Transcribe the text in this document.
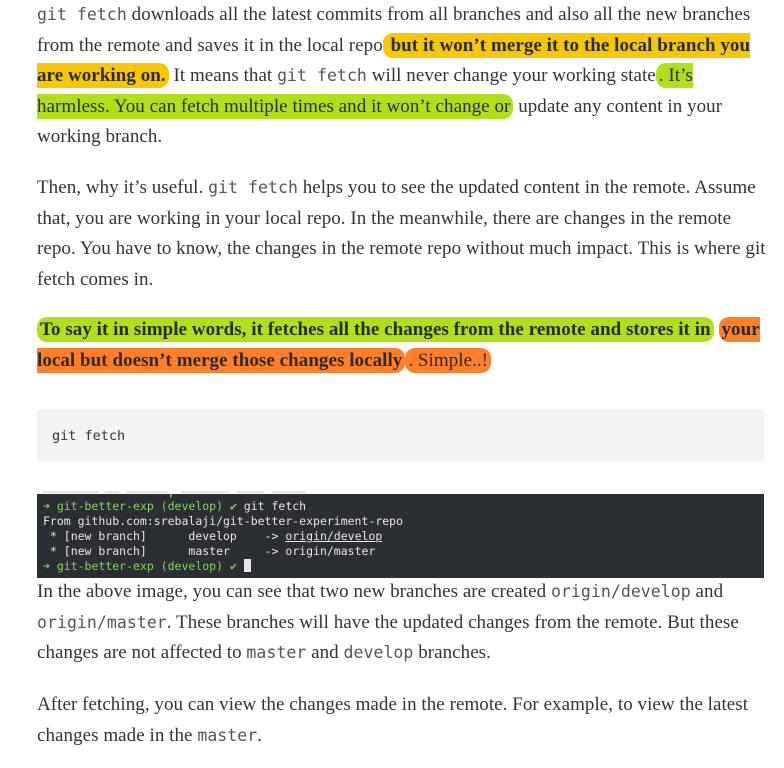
git fetch downloads all the latest commits from all branches and also all the new branches from the remote and saves it in the local repo but it won’t merge it to the local branch you are working on. It means that git fetch will never change your working state . It’s harmless. You can fetch multiple times and it won’t change or update any content in your working branch.

Then, why it’s useful. git fetch helps you to see the updated content in the remote. Assume that, you are working in your local repo. In the meanwhile, there are changes in the remote repo. You have to know, the changes in the remote repo without much impact. This is where git fetch comes in.

To say it in simple words, it fetches all the changes from the remote and stores it in your local but doesn’t merge those changes locally . Simple..!

git fetch
╌╌╌╌╌╌╌╌ ╌╌ ╌╌╌╌╌╌, ╌╌╌╌╌╌╌ ╌╌╌╌ ╌╌╌╌╌
➜ git-better-exp (develop) ✔ git fetch
From github.com:srebalaji/git-better-experiment-repo
* [new branch]      develop    -> origin/develop
* [new branch]      master     -> origin/master
➜ git-better-exp (develop) ✔

In the above image, you can see that two new branches are created origin/develop and origin/master. These branches will have the updated changes from the remote. But these changes are not affected to master and develop branches.

After fetching, you can view the changes made in the remote. For example, to view the latest changes made in the master.
